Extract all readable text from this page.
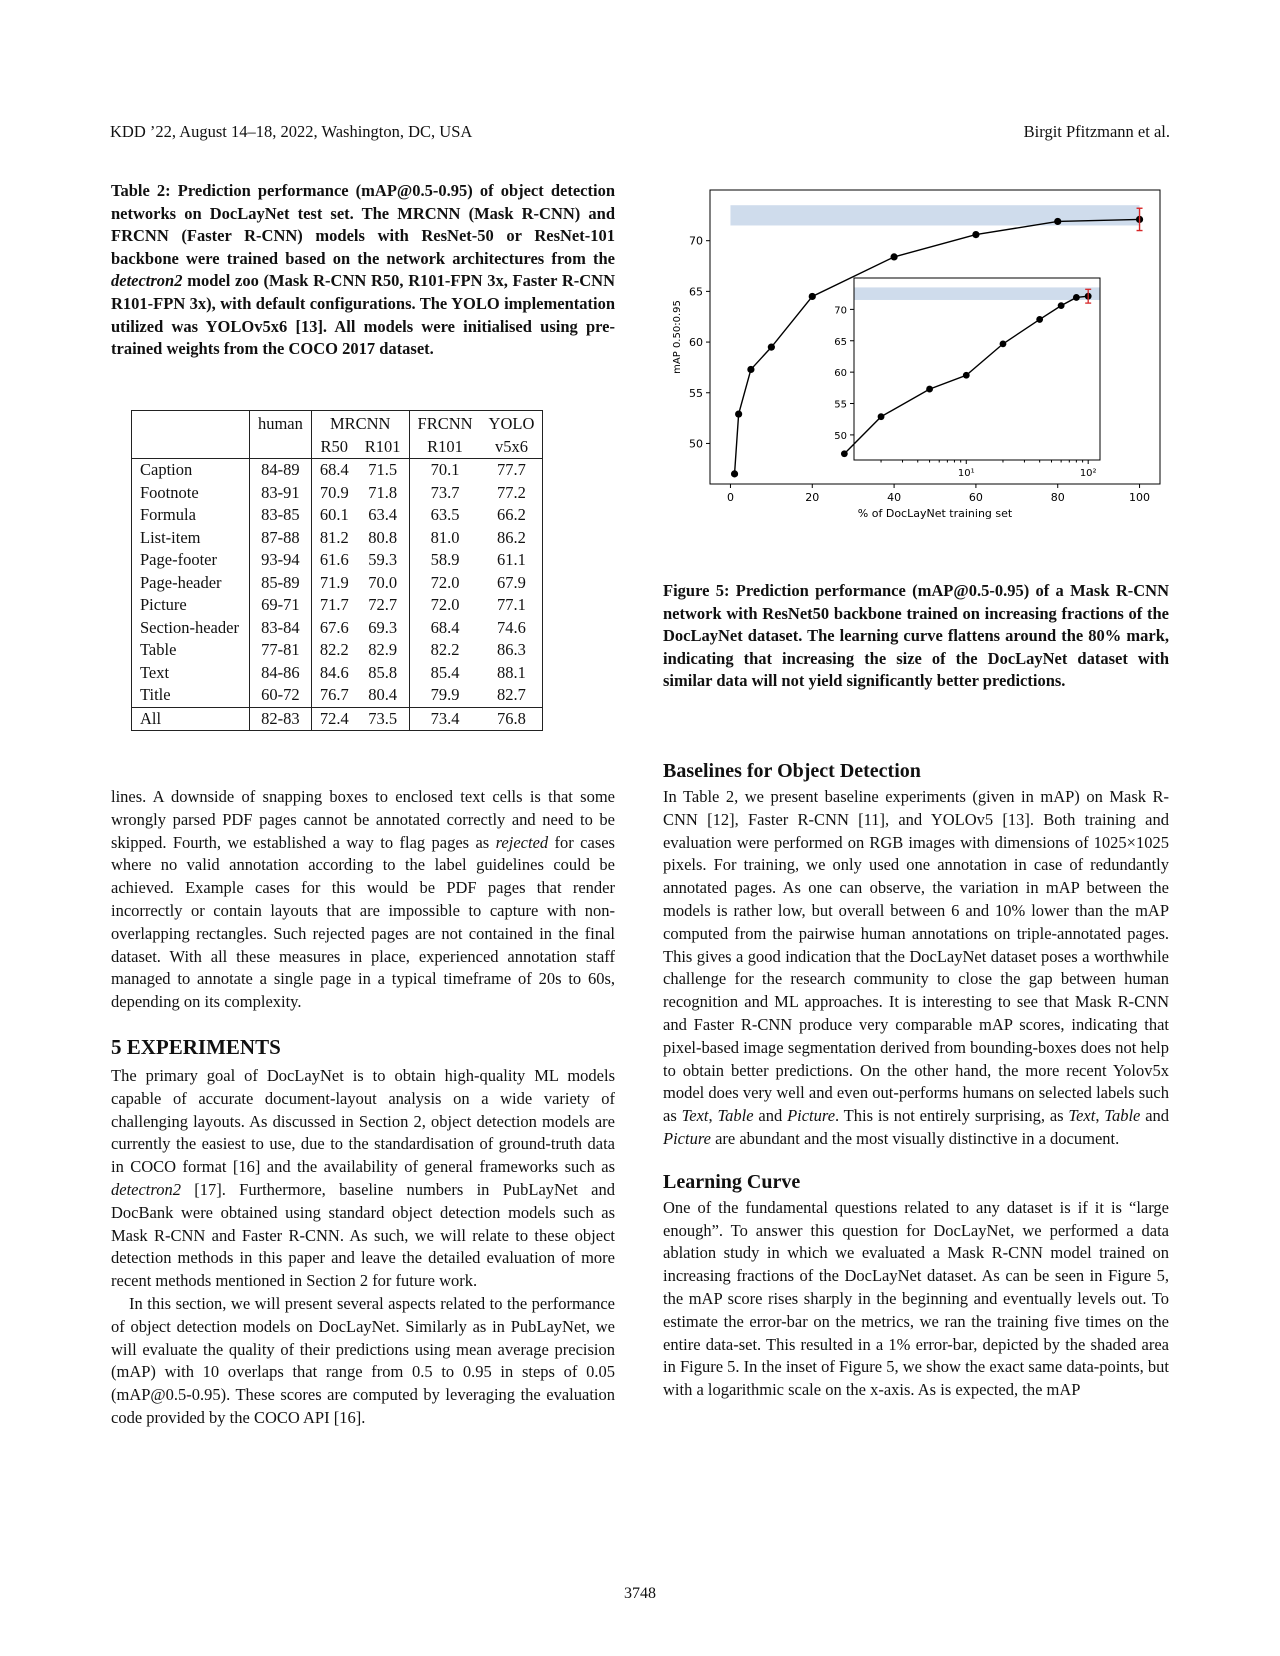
KDD ’22, August 14–18, 2022, Washington, DC, USA	Birgit Pfitzmann et al.
Table 2: Prediction performance (mAP@0.5-0.95) of object detection networks on DocLayNet test set. The MRCNN (Mask R-CNN) and FRCNN (Faster R-CNN) models with ResNet-50 or ResNet-101 backbone were trained based on the network architectures from the detectron2 model zoo (Mask R-CNN R50, R101-FPN 3x, Faster R-CNN R101-FPN 3x), with default configurations. The YOLO implementation utilized was YOLOv5x6 [13]. All models were initialised using pre-trained weights from the COCO 2017 dataset.
	human	MRCNN		FRCNN	YOLO
		R50	R101	R101	v5x6
Caption	84-89	68.4	71.5	70.1	77.7
Footnote	83-91	70.9	71.8	73.7	77.2
Formula	83-85	60.1	63.4	63.5	66.2
List-item	87-88	81.2	80.8	81.0	86.2
Page-footer	93-94	61.6	59.3	58.9	61.1
Page-header	85-89	71.9	70.0	72.0	67.9
Picture	69-71	71.7	72.7	72.0	77.1
Section-header	83-84	67.6	69.3	68.4	74.6
Table	77-81	82.2	82.9	82.2	86.3
Text	84-86	84.6	85.8	85.4	88.1
Title	60-72	76.7	80.4	79.9	82.7
All	82-83	72.4	73.5	73.4	76.8

lines. A downside of snapping boxes to enclosed text cells is that some wrongly parsed PDF pages cannot be annotated correctly and need to be skipped. Fourth, we established a way to flag pages as rejected for cases where no valid annotation according to the label guidelines could be achieved. Example cases for this would be PDF pages that render incorrectly or contain layouts that are impossible to capture with non-overlapping rectangles. Such rejected pages are not contained in the final dataset. With all these measures in place, experienced annotation staff managed to annotate a single page in a typical timeframe of 20s to 60s, depending on its complexity.

5 EXPERIMENTS

The primary goal of DocLayNet is to obtain high-quality ML models capable of accurate document-layout analysis on a wide variety of challenging layouts. As discussed in Section 2, object detection models are currently the easiest to use, due to the standardisation of ground-truth data in COCO format [16] and the availability of general frameworks such as detectron2 [17]. Furthermore, baseline numbers in PubLayNet and DocBank were obtained using standard object detection models such as Mask R-CNN and Faster R-CNN. As such, we will relate to these object detection methods in this paper and leave the detailed evaluation of more recent methods mentioned in Section 2 for future work.

In this section, we will present several aspects related to the performance of object detection models on DocLayNet. Similarly as in PubLayNet, we will evaluate the quality of their predictions using mean average precision (mAP) with 10 overlaps that range from 0.5 to 0.95 in steps of 0.05 (mAP@0.5-0.95). These scores are computed by leveraging the evaluation code provided by the COCO API [16].

0	20	40	60	80	100
50
55
60
65
70
% of DocLayNet training set
mAP 0.50:0.95
50
55
60
65
70
10¹	10²
Figure 5: Prediction performance (mAP@0.5-0.95) of a Mask R-CNN network with ResNet50 backbone trained on increasing fractions of the DocLayNet dataset. The learning curve flattens around the 80% mark, indicating that increasing the size of the DocLayNet dataset with similar data will not yield significantly better predictions.
Baselines for Object Detection

In Table 2, we present baseline experiments (given in mAP) on Mask R-CNN [12], Faster R-CNN [11], and YOLOv5 [13]. Both training and evaluation were performed on RGB images with dimensions of 1025×1025 pixels. For training, we only used one annotation in case of redundantly annotated pages. As one can observe, the variation in mAP between the models is rather low, but overall between 6 and 10% lower than the mAP computed from the pairwise human annotations on triple-annotated pages. This gives a good indication that the DocLayNet dataset poses a worthwhile challenge for the research community to close the gap between human recognition and ML approaches. It is interesting to see that Mask R-CNN and Faster R-CNN produce very comparable mAP scores, indicating that pixel-based image segmentation derived from bounding-boxes does not help to obtain better predictions. On the other hand, the more recent Yolov5x model does very well and even out-performs humans on selected labels such as Text, Table and Picture. This is not entirely surprising, as Text, Table and Picture are abundant and the most visually distinctive in a document.

Learning Curve

One of the fundamental questions related to any dataset is if it is “large enough”. To answer this question for DocLayNet, we performed a data ablation study in which we evaluated a Mask R-CNN model trained on increasing fractions of the DocLayNet dataset. As can be seen in Figure 5, the mAP score rises sharply in the beginning and eventually levels out. To estimate the error-bar on the metrics, we ran the training five times on the entire data-set. This resulted in a 1% error-bar, depicted by the shaded area in Figure 5. In the inset of Figure 5, we show the exact same data-points, but with a logarithmic scale on the x-axis. As is expected, the mAP

3748
